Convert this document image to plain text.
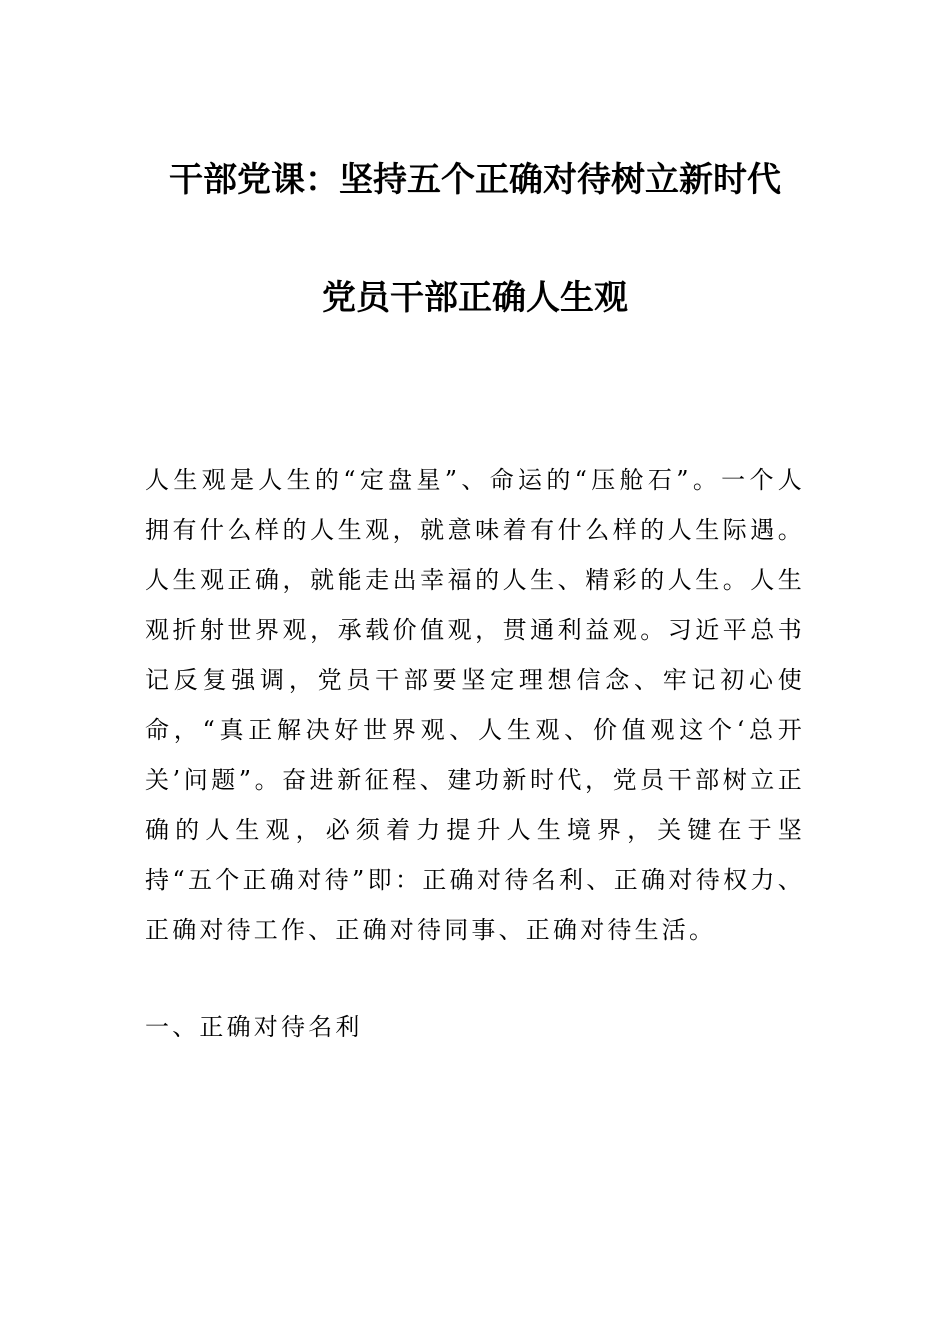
干部党课：坚持五个正确对待树立新时代
党员干部正确人生观

人生观是人生的“定盘星”、命运的“压舱石”。一个人拥有什么样的人生观，就意味着有什么样的人生际遇。人生观正确，就能走出幸福的人生、精彩的人生。人生观折射世界观，承载价值观，贯通利益观。习近平总书记反复强调，党员干部要坚定理想信念、牢记初心使命，“真正解决好世界观、人生观、价值观这个‘总开关’问题”。奋进新征程、建功新时代，党员干部树立正确的人生观，必须着力提升人生境界，关键在于坚持“五个正确对待”即：正确对待名利、正确对待权力、正确对待工作、正确对待同事、正确对待生活。

一、正确对待名利
